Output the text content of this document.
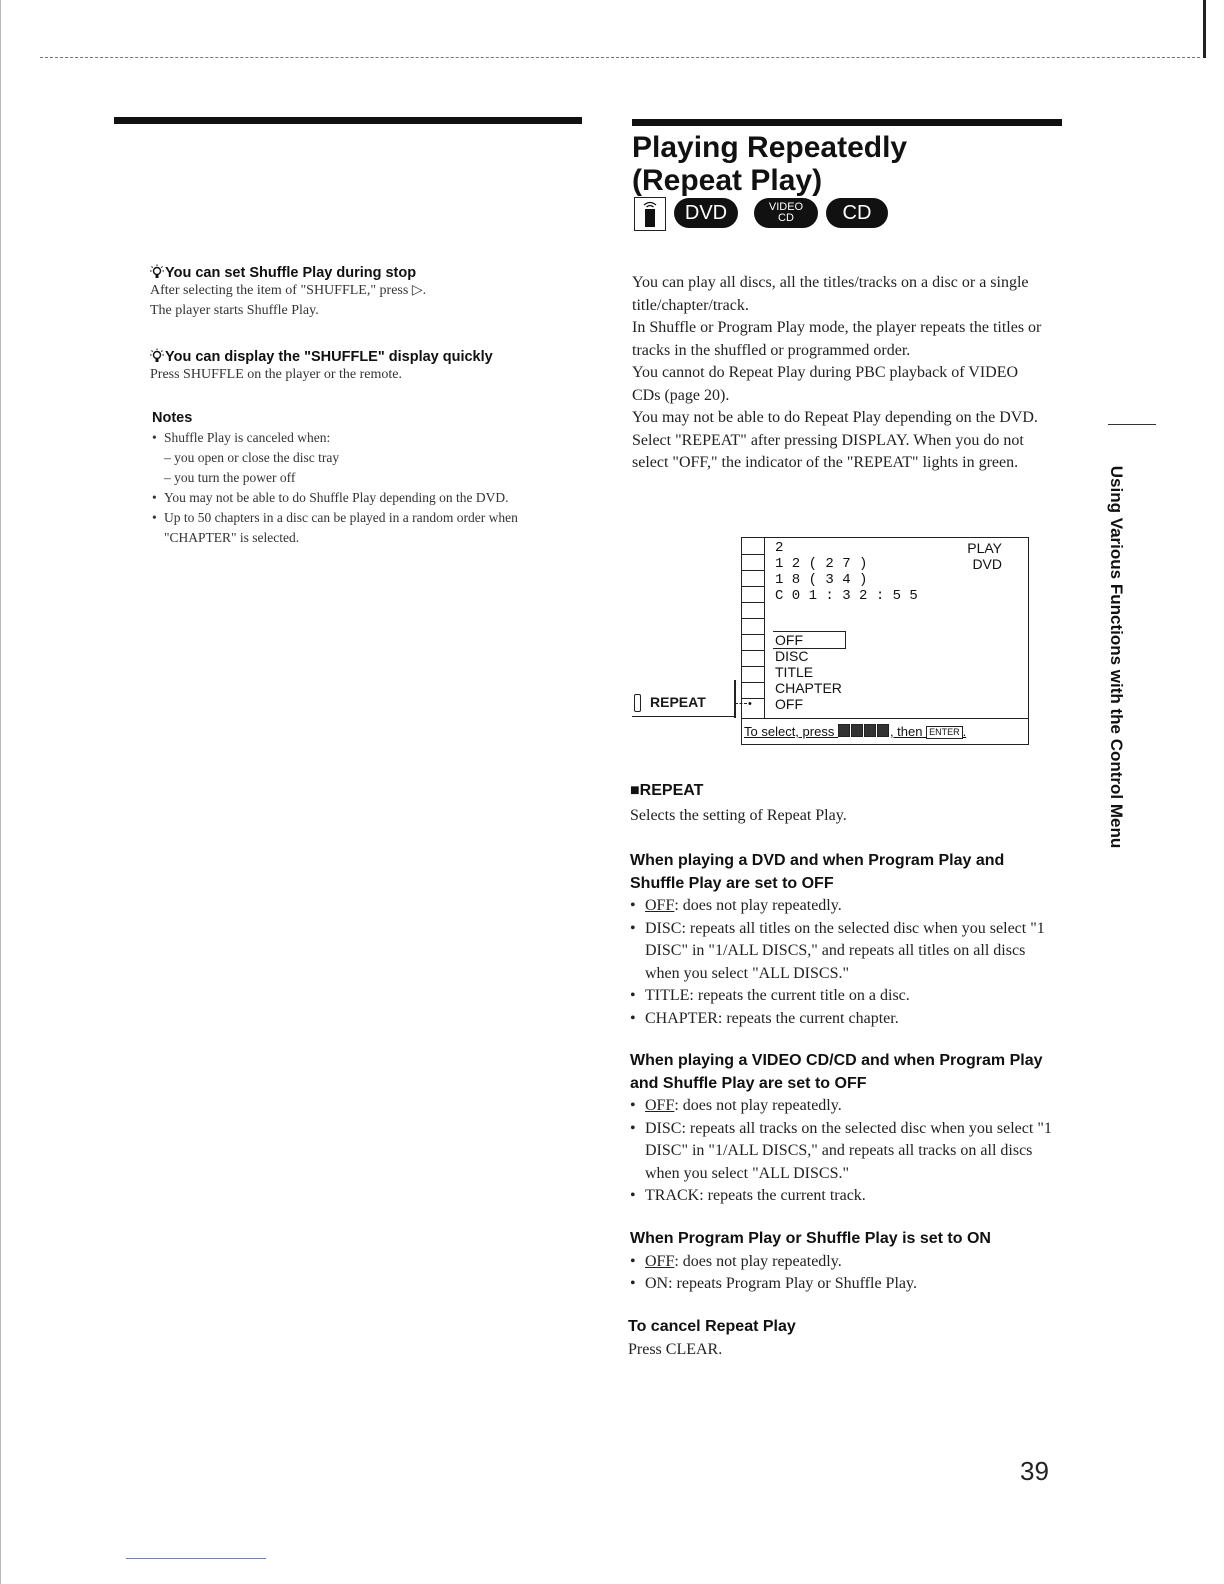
You can set Shuffle Play during stop
After selecting the item of "SHUFFLE," press ▷.
The player starts Shuffle Play.
You can display the "SHUFFLE" display quickly
Press SHUFFLE on the player or the remote.
Notes
• Shuffle Play is canceled when:
– you open or close the disc tray
– you turn the power off
• You may not be able to do Shuffle Play depending on the DVD.
• Up to 50 chapters in a disc can be played in a random order when "CHAPTER" is selected.
Playing Repeatedly
(Repeat Play)
DVD	VIDEO
CD	CD
You can play all discs, all the titles/tracks on a disc or a single title/chapter/track.
In Shuffle or Program Play mode, the player repeats the titles or tracks in the shuffled or programmed order.
You cannot do Repeat Play during PBC playback of VIDEO CDs (page 20).
You may not be able to do Repeat Play depending on the DVD.
Select "REPEAT" after pressing DISPLAY. When you do not select "OFF," the indicator of the "REPEAT" lights in green.
2
1 2 ( 2 7 )
1 8 ( 3 4 )
C 0 1 : 3 2 : 5 5
PLAY
DVD
OFF
DISC
TITLE
CHAPTER
OFF
•
To select, press	, then ENTER .
REPEAT
■REPEAT
Selects the setting of Repeat Play.
When playing a DVD and when Program Play and Shuffle Play are set to OFF
• OFF: does not play repeatedly.
• DISC: repeats all titles on the selected disc when you select "1 DISC" in "1/ALL DISCS," and repeats all titles on all discs when you select "ALL DISCS."
• TITLE: repeats the current title on a disc.
• CHAPTER: repeats the current chapter.
When playing a VIDEO CD/CD and when Program Play and Shuffle Play are set to OFF
• OFF: does not play repeatedly.
• DISC: repeats all tracks on the selected disc when you select "1 DISC" in "1/ALL DISCS," and repeats all tracks on all discs when you select "ALL DISCS."
• TRACK: repeats the current track.
When Program Play or Shuffle Play is set to ON
• OFF: does not play repeatedly.
• ON: repeats Program Play or Shuffle Play.
To cancel Repeat Play
Press CLEAR.
Using Various Functions with the Control Menu
39
